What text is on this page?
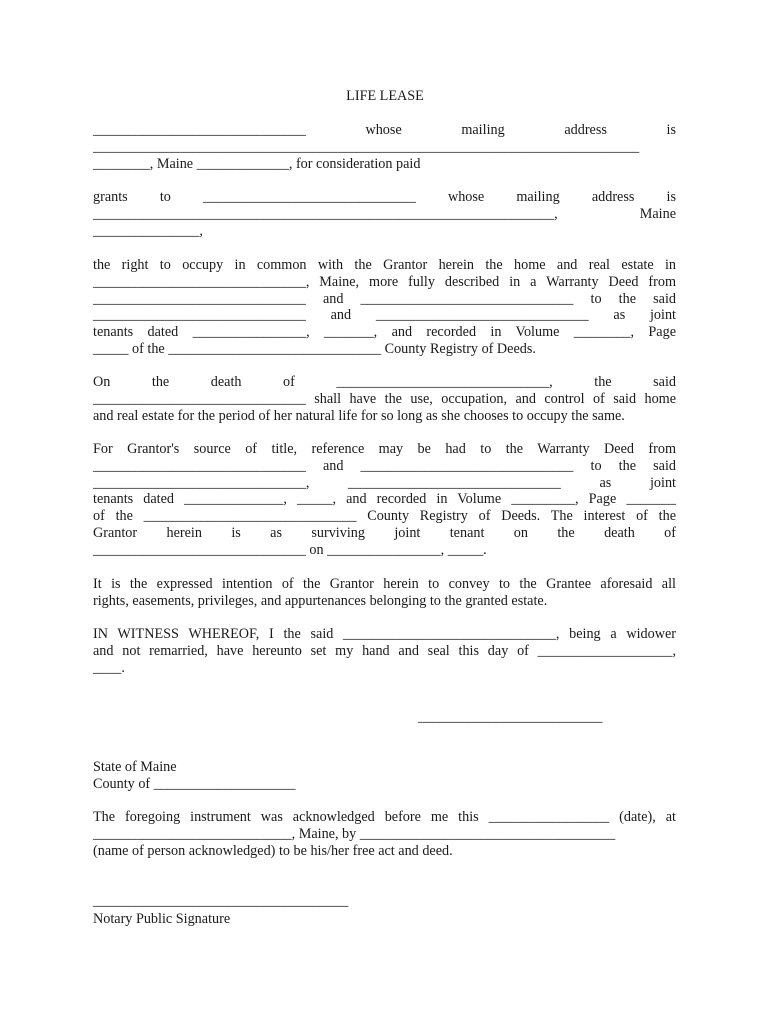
LIFE LEASE
______________________________ whose mailing address is
_____________________________________________________________________________
________, Maine _____________, for consideration paid
grants to ______________________________ whose mailing address is
_________________________________________________________________, Maine
_______________,
the right to occupy in common with the Grantor herein the home and real estate in
______________________________, Maine, more fully described in a Warranty Deed from
______________________________ and ______________________________ to the said
______________________________ and ______________________________ as joint
tenants dated ________________, _______, and recorded in Volume ________, Page
_____ of the ______________________________ County Registry of Deeds.
On the death of ______________________________, the said
______________________________ shall have the use, occupation, and control of said home
and real estate for the period of her natural life for so long as she chooses to occupy the same.
For Grantor's source of title, reference may be had to the Warranty Deed from
______________________________ and ______________________________ to the said
______________________________, ______________________________ as joint
tenants dated ______________, _____, and recorded in Volume _________, Page _______
of the ______________________________ County Registry of Deeds. The interest of the
Grantor herein is as surviving joint tenant on the death of
______________________________ on ________________, _____.
It is the expressed intention of the Grantor herein to convey to the Grantee aforesaid all
rights, easements, privileges, and appurtenances belonging to the granted estate.
IN WITNESS WHEREOF, I the said ______________________________, being a widower
and not remarried, have hereunto set my hand and seal this day of ___________________,
____.
__________________________
State of Maine
County of ____________________
The foregoing instrument was acknowledged before me this _________________ (date), at
____________________________, Maine, by ____________________________________
(name of person acknowledged) to be his/her free act and deed.
____________________________________
Notary Public Signature
